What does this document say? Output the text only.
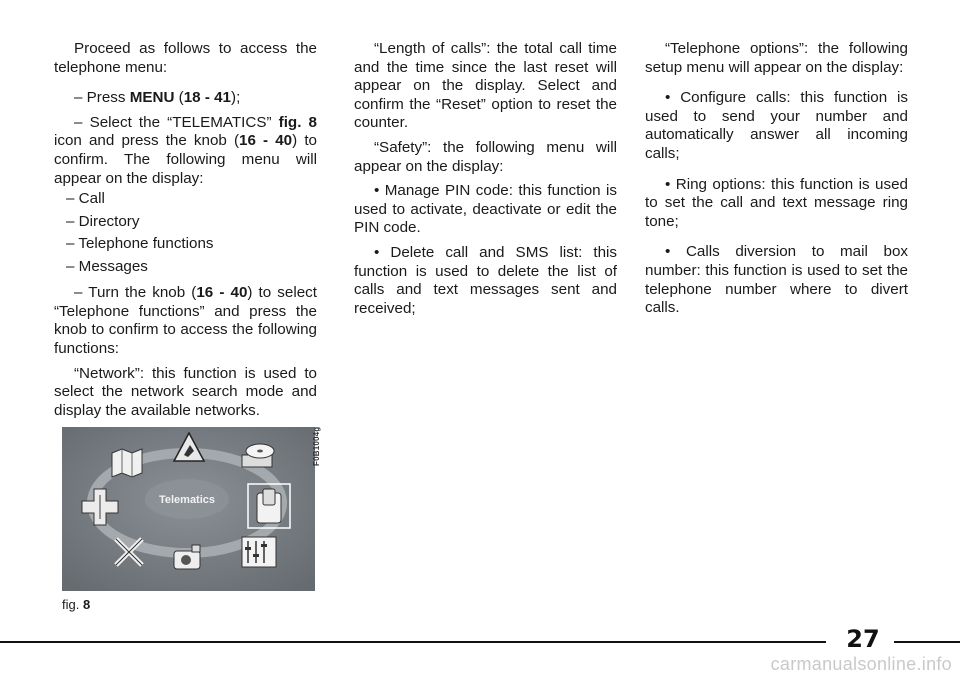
Proceed as follows to access the telephone menu:

– Press MENU (18 - 41);

– Select the “TELEMATICS” fig. 8 icon and press the knob (16 - 40) to confirm. The following menu will appear on the display:

– Call
– Directory
– Telephone functions
– Messages

– Turn the knob (16 - 40) to select “Telephone functions” and press the knob to confirm to access the following functions:

“Network”: this function is used to select the network search mode and display the available networks.

“Length of calls”: the total call time and the time since the last reset will appear on the display. Select and confirm the “Reset” option to reset the counter.

“Safety”: the following menu will appear on the display:

• Manage PIN code: this function is used to activate, deactivate or edit the PIN code.

• Delete call and SMS list: this function is used to delete the list of calls and text messages sent and received;

“Telephone options”: the following setup menu will appear on the display:

• Configure calls: this function is used to send your number and automatically answer all incoming calls;

• Ring options: this function is used to set the call and text message ring tone;

• Calls diversion to mail box number: this function is used to set the telephone number where to divert calls.

Telematics
F0B1004g
fig. 8
27
carmanualsonline.info
